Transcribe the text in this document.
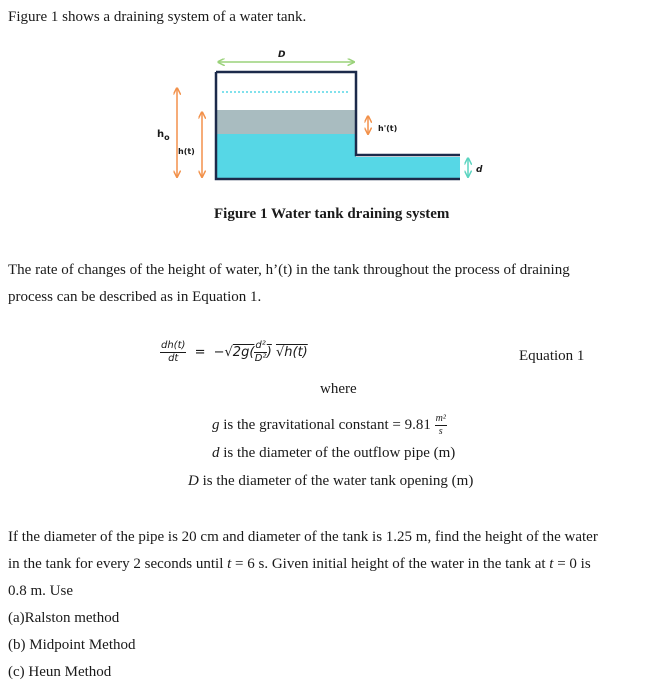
Figure 1 shows a draining system of a water tank.
D
$h_o$
h(t)
h'(t)
d
Figure 1 Water tank draining system
The rate of changes of the height of water, h’(t) in the tank throughout the process of draining
process can be described as in Equation 1.
$\frac{dh(t)}{dt} = -√2g( \frac{\text{d²}}{\text{D²}}$ ) √h(t)	Equation 1
where
g is the gravitational constant = $9.81 \frac{\text{m²}}{s}$
d is the diameter of the outflow pipe (m)
D is the diameter of the water tank opening (m)
If the diameter of the pipe is 20 cm and diameter of the tank is 1.25 m, find the height of the water
in the tank for every 2 seconds until t = 6 s. Given initial height of the water in the tank at t = 0 is
0.8 m. Use
(a)Ralston method
(b) Midpoint Method
(c) Heun Method
